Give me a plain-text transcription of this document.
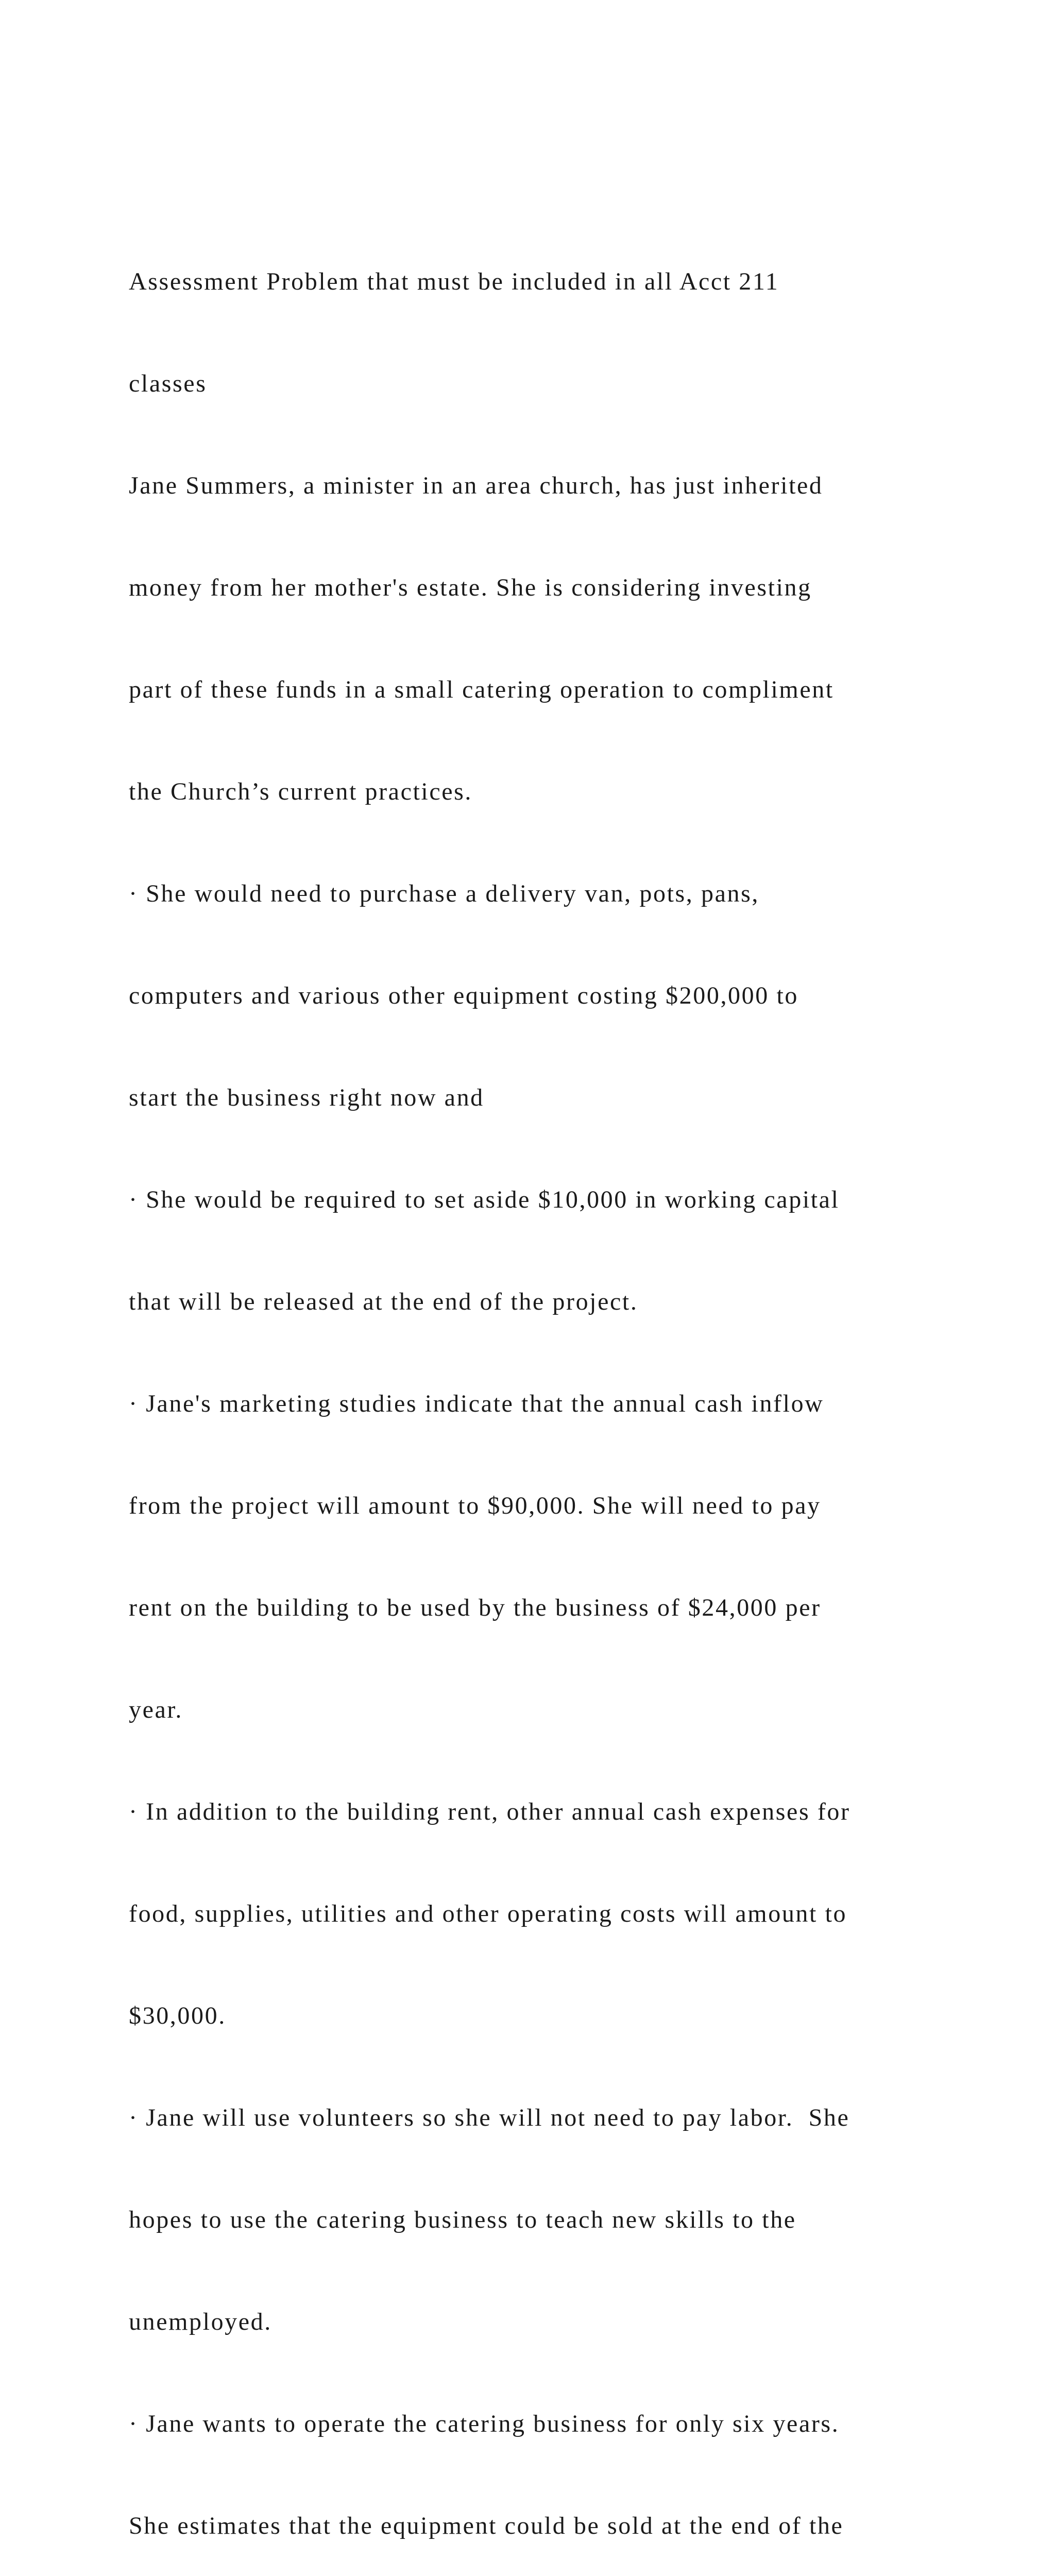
Assessment Problem that must be included in all Acct 211

classes

Jane Summers, a minister in an area church, has just inherited

money from her mother's estate. She is considering investing

part of these funds in a small catering operation to compliment

the Church’s current practices.

· She would need to purchase a delivery van, pots, pans,

computers and various other equipment costing $200,000 to

start the business right now and

· She would be required to set aside $10,000 in working capital

that will be released at the end of the project.

· Jane's marketing studies indicate that the annual cash inflow

from the project will amount to $90,000. She will need to pay

rent on the building to be used by the business of $24,000 per

year.

· In addition to the building rent, other annual cash expenses for

food, supplies, utilities and other operating costs will amount to

$30,000.

· Jane will use volunteers so she will not need to pay labor.  She

hopes to use the catering business to teach new skills to the

unemployed.

· Jane wants to operate the catering business for only six years.

She estimates that the equipment could be sold at the end of the
